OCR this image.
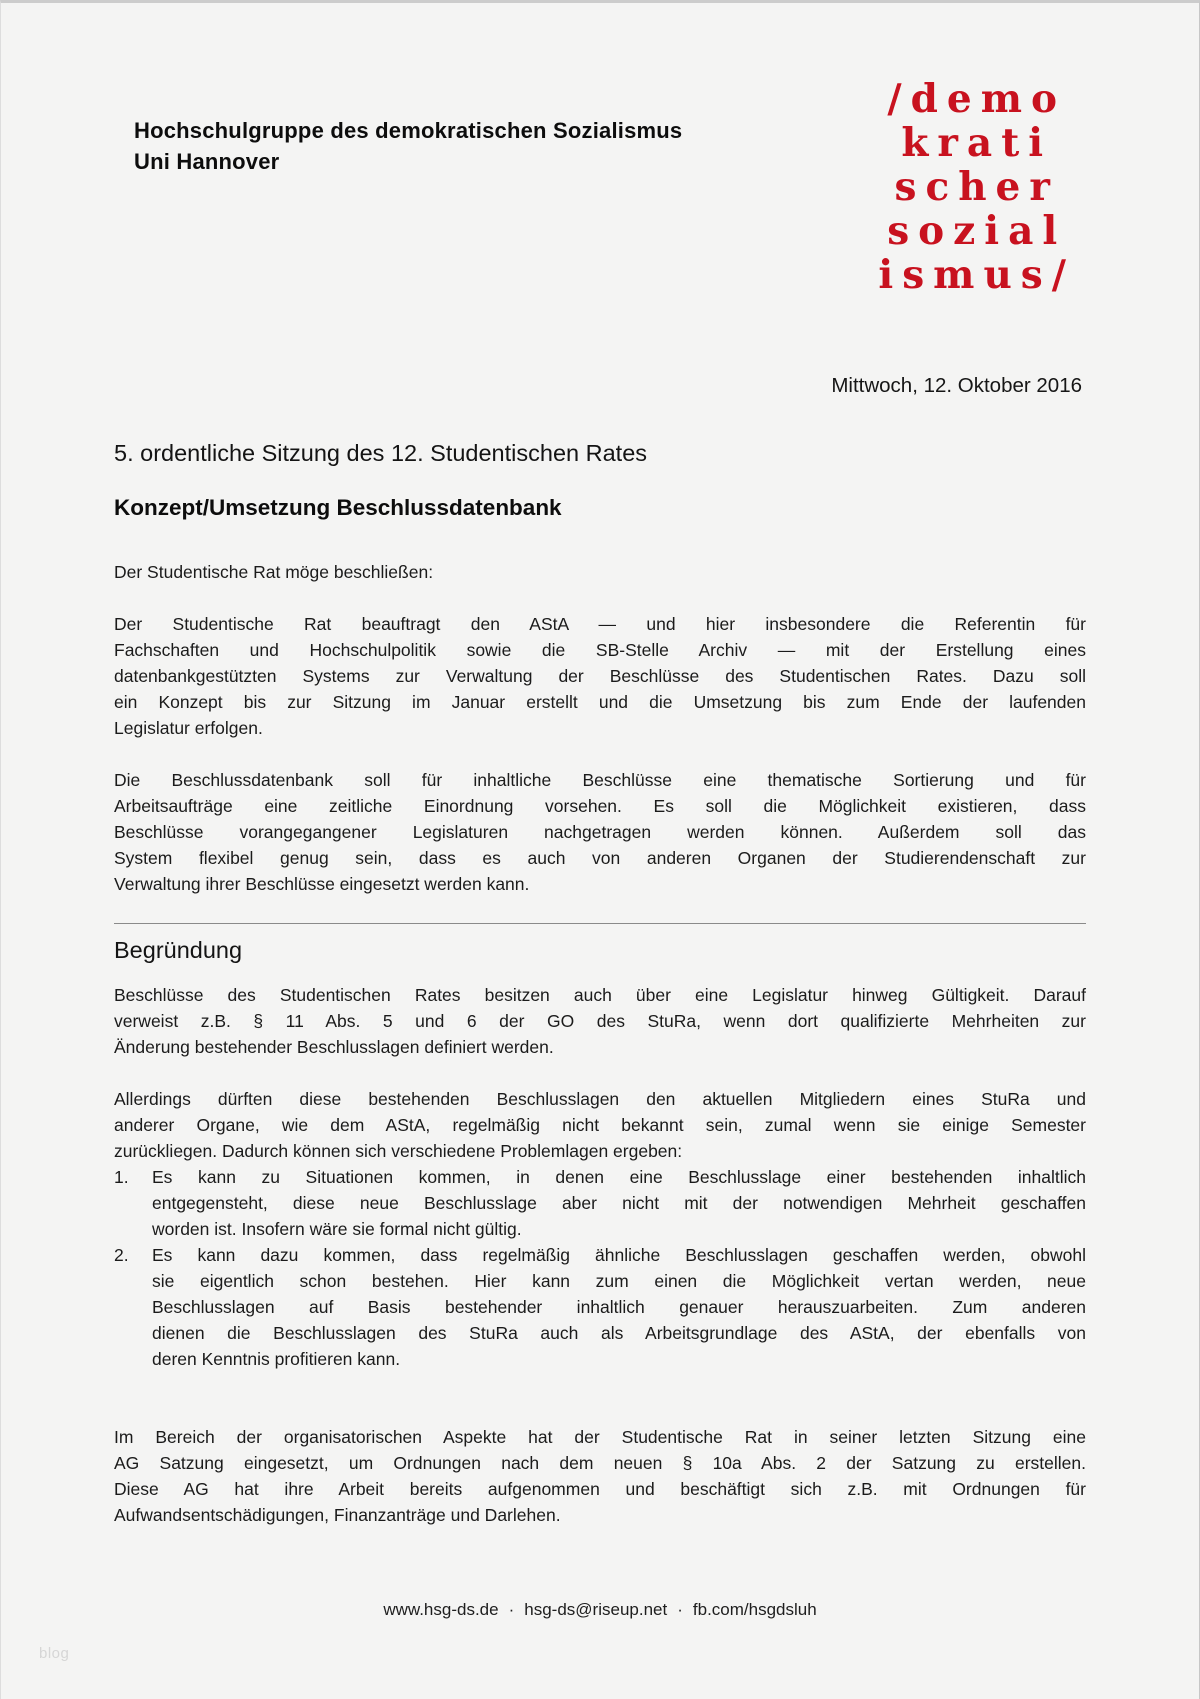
Hochschulgruppe des demokratischen Sozialismus
Uni Hannover
/demo
krati
scher
sozial
ismus/
Mittwoch, 12. Oktober 2016
5. ordentliche Sitzung des 12. Studentischen Rates
Konzept/Umsetzung Beschlussdatenbank
Der Studentische Rat möge beschließen:
Der Studentische Rat beauftragt den AStA — und hier insbesondere die Referentin für
Fachschaften und Hochschulpolitik sowie die SB-Stelle Archiv — mit der Erstellung eines
datenbankgestützten Systems zur Verwaltung der Beschlüsse des Studentischen Rates. Dazu soll
ein Konzept bis zur Sitzung im Januar erstellt und die Umsetzung bis zum Ende der laufenden
Legislatur erfolgen.
Die Beschlussdatenbank soll für inhaltliche Beschlüsse eine thematische Sortierung und für
Arbeitsaufträge eine zeitliche Einordnung vorsehen. Es soll die Möglichkeit existieren, dass
Beschlüsse vorangegangener Legislaturen nachgetragen werden können. Außerdem soll das
System flexibel genug sein, dass es auch von anderen Organen der Studierendenschaft zur
Verwaltung ihrer Beschlüsse eingesetzt werden kann.
Begründung
Beschlüsse des Studentischen Rates besitzen auch über eine Legislatur hinweg Gültigkeit. Darauf
verweist z.B. § 11 Abs. 5 und 6 der GO des StuRa, wenn dort qualifizierte Mehrheiten zur
Änderung bestehender Beschlusslagen definiert werden.
Allerdings dürften diese bestehenden Beschlusslagen den aktuellen Mitgliedern eines StuRa und
anderer Organe, wie dem AStA, regelmäßig nicht bekannt sein, zumal wenn sie einige Semester
zurückliegen. Dadurch können sich verschiedene Problemlagen ergeben:
1.	Es kann zu Situationen kommen, in denen eine Beschlusslage einer bestehenden inhaltlich
entgegensteht, diese neue Beschlusslage aber nicht mit der notwendigen Mehrheit geschaffen
worden ist. Insofern wäre sie formal nicht gültig.
2.	Es kann dazu kommen, dass regelmäßig ähnliche Beschlusslagen geschaffen werden, obwohl
sie eigentlich schon bestehen. Hier kann zum einen die Möglichkeit vertan werden, neue
Beschlusslagen auf Basis bestehender inhaltlich genauer herauszuarbeiten. Zum anderen
dienen die Beschlusslagen des StuRa auch als Arbeitsgrundlage des AStA, der ebenfalls von
deren Kenntnis profitieren kann.
Im Bereich der organisatorischen Aspekte hat der Studentische Rat in seiner letzten Sitzung eine
AG Satzung eingesetzt, um Ordnungen nach dem neuen § 10a Abs. 2 der Satzung zu erstellen.
Diese AG hat ihre Arbeit bereits aufgenommen und beschäftigt sich z.B. mit Ordnungen für
Aufwandsentschädigungen, Finanzanträge und Darlehen.
www.hsg-ds.de · hsg-ds@riseup.net · fb.com/hsgdsluh
blog
